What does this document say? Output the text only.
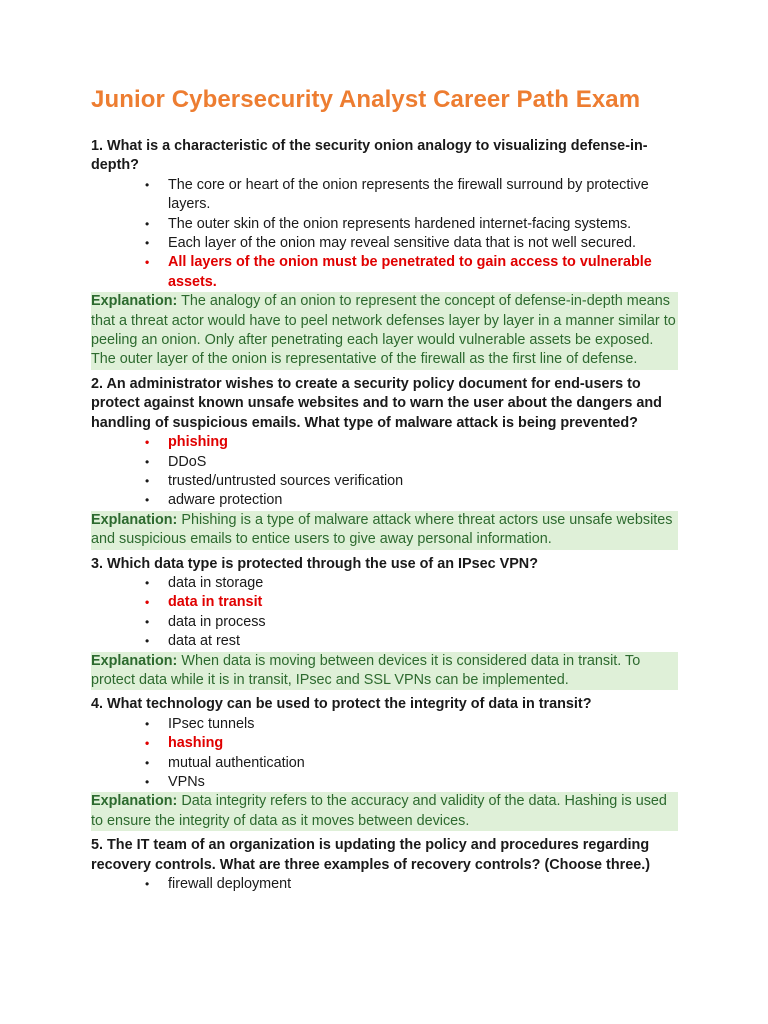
Junior Cybersecurity Analyst Career Path Exam

1. What is a characteristic of the security onion analogy to visualizing defense-in-depth?

• The core or heart of the onion represents the firewall surround by protective layers.
• The outer skin of the onion represents hardened internet-facing systems.
• Each layer of the onion may reveal sensitive data that is not well secured.
• All layers of the onion must be penetrated to gain access to vulnerable assets.
Explanation: The analogy of an onion to represent the concept of defense-in-depth means that a threat actor would have to peel network defenses layer by layer in a manner similar to peeling an onion. Only after penetrating each layer would vulnerable assets be exposed. The outer layer of the onion is representative of the firewall as the first line of defense.

2. An administrator wishes to create a security policy document for end-users to protect against known unsafe websites and to warn the user about the dangers and handling of suspicious emails. What type of malware attack is being prevented?

• phishing
• DDoS
• trusted/untrusted sources verification
• adware protection
Explanation: Phishing is a type of malware attack where threat actors use unsafe websites and suspicious emails to entice users to give away personal information.

3. Which data type is protected through the use of an IPsec VPN?

• data in storage
• data in transit
• data in process
• data at rest
Explanation: When data is moving between devices it is considered data in transit. To protect data while it is in transit, IPsec and SSL VPNs can be implemented.

4. What technology can be used to protect the integrity of data in transit?

• IPsec tunnels
• hashing
• mutual authentication
• VPNs
Explanation: Data integrity refers to the accuracy and validity of the data. Hashing is used to ensure the integrity of data as it moves between devices.

5. The IT team of an organization is updating the policy and procedures regarding recovery controls. What are three examples of recovery controls? (Choose three.)

• firewall deployment
